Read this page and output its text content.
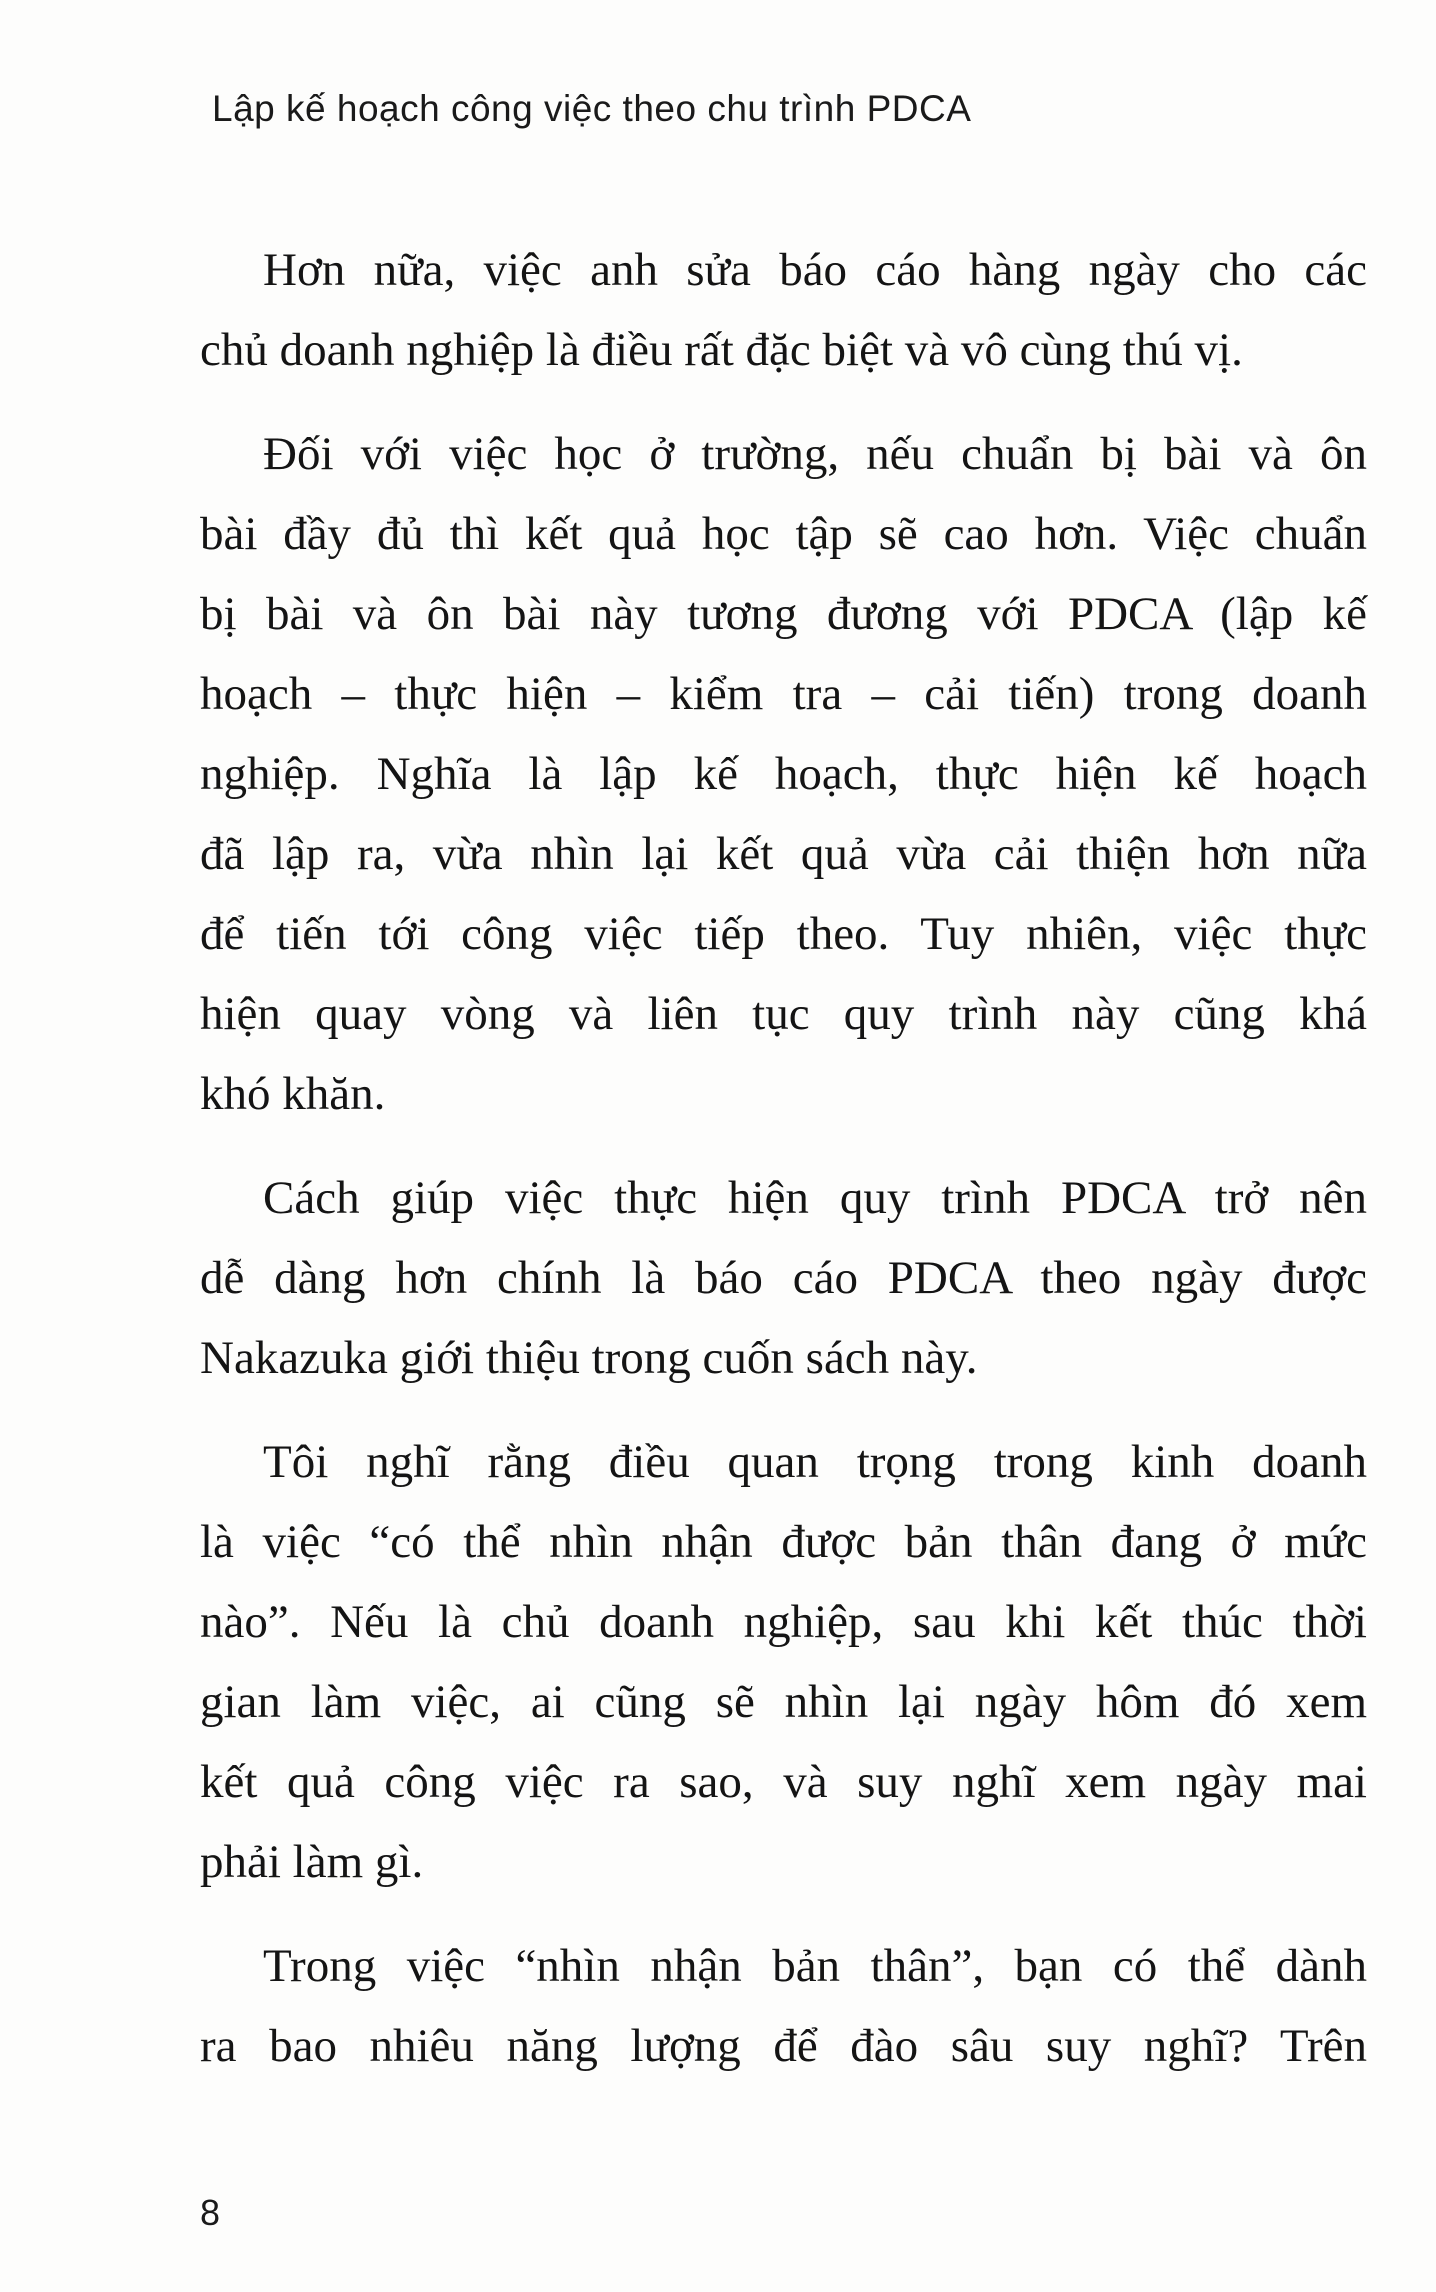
Lập kế hoạch công việc theo chu trình PDCA
Hơn nữa, việc anh sửa báo cáo hàng ngày cho các
chủ doanh nghiệp là điều rất đặc biệt và vô cùng thú vị.
Đối với việc học ở trường, nếu chuẩn bị bài và ôn
bài đầy đủ thì kết quả học tập sẽ cao hơn. Việc chuẩn
bị bài và ôn bài này tương đương với PDCA (lập kế
hoạch – thực hiện – kiểm tra – cải tiến) trong doanh
nghiệp. Nghĩa là lập kế hoạch, thực hiện kế hoạch
đã lập ra, vừa nhìn lại kết quả vừa cải thiện hơn nữa
để tiến tới công việc tiếp theo. Tuy nhiên, việc thực
hiện quay vòng và liên tục quy trình này cũng khá
khó khăn.
Cách giúp việc thực hiện quy trình PDCA trở nên
dễ dàng hơn chính là báo cáo PDCA theo ngày được
Nakazuka giới thiệu trong cuốn sách này.
Tôi nghĩ rằng điều quan trọng trong kinh doanh
là việc “có thể nhìn nhận được bản thân đang ở mức
nào”. Nếu là chủ doanh nghiệp, sau khi kết thúc thời
gian làm việc, ai cũng sẽ nhìn lại ngày hôm đó xem
kết quả công việc ra sao, và suy nghĩ xem ngày mai
phải làm gì.
Trong việc “nhìn nhận bản thân”, bạn có thể dành
ra bao nhiêu năng lượng để đào sâu suy nghĩ? Trên
8
